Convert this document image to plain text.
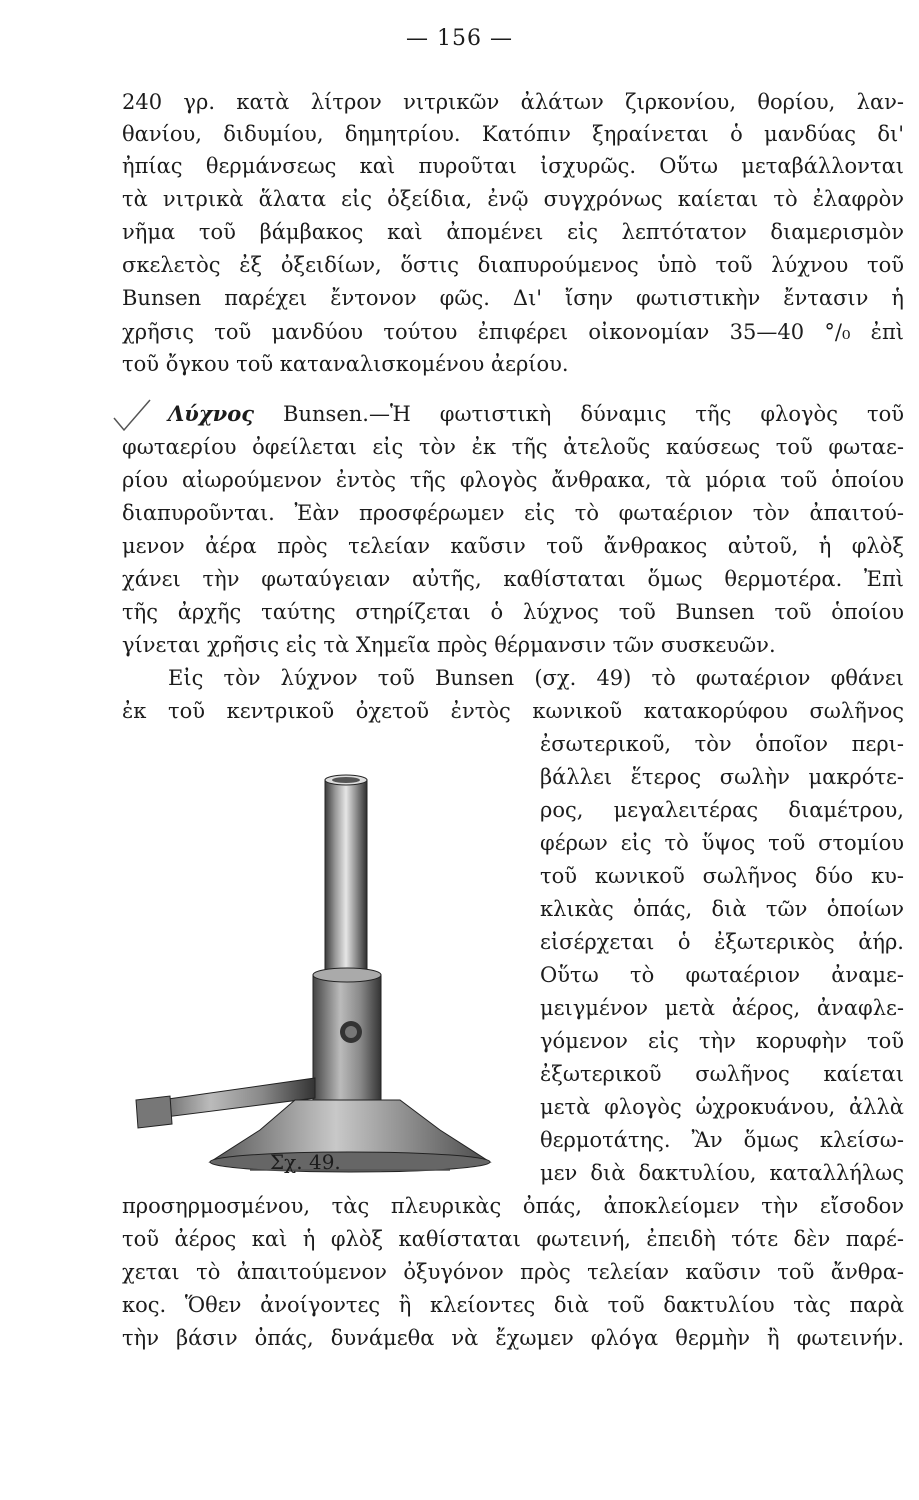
— 156 —
240 γρ. κατὰ λίτρον νιτρικῶν ἀλάτων ζιρκονίου, θορίου, λαν-
θανίου, διδυμίου, δημητρίου. Κατόπιν ξηραίνεται ὁ μανδύας δι'
ἠπίας θερμάνσεως καὶ πυροῦται ἰσχυρῶς. Οὕτω μεταβάλλονται
τὰ νιτρικὰ ἅλατα εἰς ὀξείδια, ἐνῷ συγχρόνως καίεται τὸ ἐλαφρὸν
νῆμα τοῦ βάμβακος καὶ ἀπομένει εἰς λεπτότατον διαμερισμὸν
σκελετὸς ἐξ ὀξειδίων, ὅστις διαπυρούμενος ὑπὸ τοῦ λύχνου τοῦ
Bunsen παρέχει ἔντονον φῶς. Δι' ἴσην φωτιστικὴν ἔντασιν ἡ
χρῆσις τοῦ μανδύου τούτου ἐπιφέρει οἰκονομίαν 35—40 °/₀ ἐπὶ
τοῦ ὄγκου τοῦ καταναλισκομένου ἀερίου.
Λύχνος Bunsen.—Ἡ φωτιστικὴ δύναμις τῆς φλογὸς τοῦ
φωταερίου ὀφείλεται εἰς τὸν ἐκ τῆς ἀτελοῦς καύσεως τοῦ φωταε-
ρίου αἰωρούμενον ἐντὸς τῆς φλογὸς ἄνθρακα, τὰ μόρια τοῦ ὁποίου
διαπυροῦνται. Ἐὰν προσφέρωμεν εἰς τὸ φωταέριον τὸν ἀπαιτού-
μενον ἀέρα πρὸς τελείαν καῦσιν τοῦ ἄνθρακος αὐτοῦ, ἡ φλὸξ
χάνει τὴν φωταύγειαν αὐτῆς, καθίσταται ὅμως θερμοτέρα. Ἐπὶ
τῆς ἀρχῆς ταύτης στηρίζεται ὁ λύχνος τοῦ Bunsen τοῦ ὁποίου
γίνεται χρῆσις εἰς τὰ Χημεῖα πρὸς θέρμανσιν τῶν συσκευῶν.
Εἰς τὸν λύχνον τοῦ Bunsen (σχ. 49) τὸ φωταέριον φθάνει
ἐκ τοῦ κεντρικοῦ ὀχετοῦ ἐντὸς κωνικοῦ κατακορύφου σωλῆνος
ἐσωτερικοῦ, τὸν ὁποῖον περι-
βάλλει ἕτερος σωλὴν μακρότε-
ρος, μεγαλειτέρας διαμέτρου,
φέρων εἰς τὸ ὕψος τοῦ στομίου
τοῦ κωνικοῦ σωλῆνος δύο κυ-
κλικὰς ὀπάς, διὰ τῶν ὁποίων
εἰσέρχεται ὁ ἐξωτερικὸς ἀήρ.
Οὕτω τὸ φωταέριον ἀναμε-
μειγμένον μετὰ ἀέρος, ἀναφλε-
γόμενον εἰς τὴν κορυφὴν τοῦ
ἐξωτερικοῦ σωλῆνος καίεται
μετὰ φλογὸς ὠχροκυάνου, ἀλλὰ
θερμοτάτης. Ἂν ὅμως κλείσω-
μεν διὰ δακτυλίου, καταλλήλως
προσηρμοσμένου, τὰς πλευρικὰς ὀπάς, ἀποκλείομεν τὴν εἴσοδον
τοῦ ἀέρος καὶ ἡ φλὸξ καθίσταται φωτεινή, ἐπειδὴ τότε δὲν παρέ-
χεται τὸ ἀπαιτούμενον ὀξυγόνον πρὸς τελείαν καῦσιν τοῦ ἄνθρα-
κος. Ὅθεν ἀνοίγοντες ἢ κλείοντες διὰ τοῦ δακτυλίου τὰς παρὰ
τὴν βάσιν ὀπάς, δυνάμεθα νὰ ἔχωμεν φλόγα θερμὴν ἢ φωτεινήν.
Σχ. 49.
